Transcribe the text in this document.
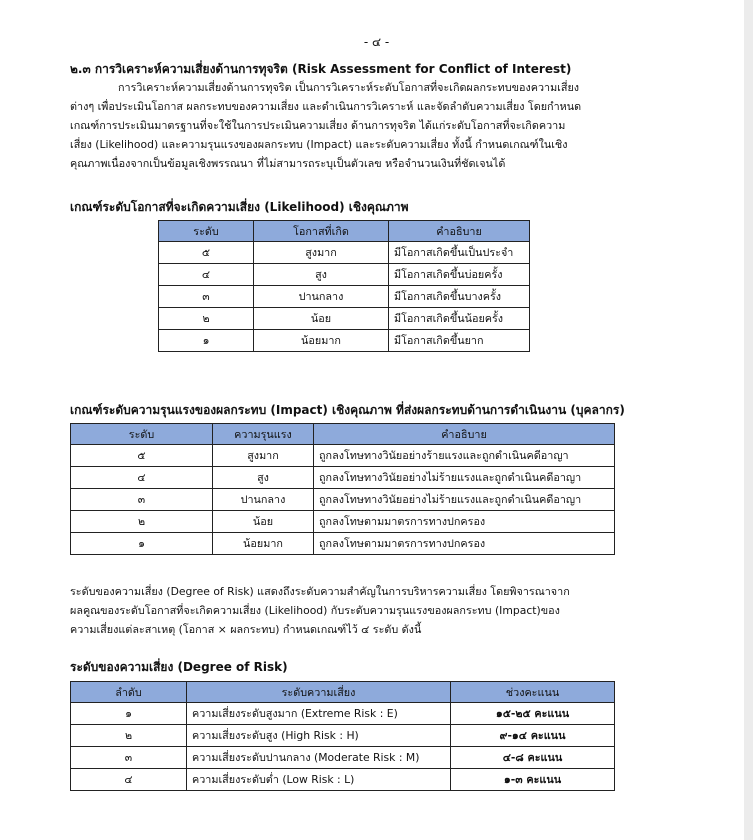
- ๔ -
๒.๓ การวิเคราะห์ความเสี่ยงด้านการทุจริต (Risk Assessment for Conflict of Interest)
การวิเคราะห์ความเสี่ยงด้านการทุจริต เป็นการวิเคราะห์ระดับโอกาสที่จะเกิดผลกระทบของความเสี่ยง
ต่างๆ เพื่อประเมินโอกาส ผลกระทบของความเสี่ยง และดำเนินการวิเคราะห์ และจัดลำดับความเสี่ยง โดยกำหนด
เกณฑ์การประเมินมาตรฐานที่จะใช้ในการประเมินความเสี่ยง ด้านการทุจริต ได้แก่ระดับโอกาสที่จะเกิดความ
เสี่ยง (Likelihood) และความรุนแรงของผลกระทบ (Impact) และระดับความเสี่ยง ทั้งนี้ กำหนดเกณฑ์ในเชิง
คุณภาพเนื่องจากเป็นข้อมูลเชิงพรรณนา ที่ไม่สามารถระบุเป็นตัวเลข หรือจำนวนเงินที่ชัดเจนได้
เกณฑ์ระดับโอกาสที่จะเกิดความเสี่ยง (Likelihood) เชิงคุณภาพ
ระดับ	โอกาสที่เกิด	คำอธิบาย
๕	สูงมาก	มีโอกาสเกิดขึ้นเป็นประจำ
๔	สูง	มีโอกาสเกิดขึ้นบ่อยครั้ง
๓	ปานกลาง	มีโอกาสเกิดขึ้นบางครั้ง
๒	น้อย	มีโอกาสเกิดขึ้นน้อยครั้ง
๑	น้อยมาก	มีโอกาสเกิดขึ้นยาก
เกณฑ์ระดับความรุนแรงของผลกระทบ (Impact) เชิงคุณภาพ ที่ส่งผลกระทบด้านการดำเนินงาน (บุคลากร)
ระดับ	ความรุนแรง	คำอธิบาย
๕	สูงมาก	ถูกลงโทษทางวินัยอย่างร้ายแรงและถูกดำเนินคดีอาญา
๔	สูง	ถูกลงโทษทางวินัยอย่างไม่ร้ายแรงและถูกดำเนินคดีอาญา
๓	ปานกลาง	ถูกลงโทษทางวินัยอย่างไม่ร้ายแรงและถูกดำเนินคดีอาญา
๒	น้อย	ถูกลงโทษตามมาตรการทางปกครอง
๑	น้อยมาก	ถูกลงโทษตามมาตรการทางปกครอง
ระดับของความเสี่ยง (Degree of Risk) แสดงถึงระดับความสำคัญในการบริหารความเสี่ยง โดยพิจารณาจาก
ผลคูณของระดับโอกาสที่จะเกิดความเสี่ยง (Likelihood) กับระดับความรุนแรงของผลกระทบ (Impact)ของ
ความเสี่ยงแต่ละสาเหตุ (โอกาส × ผลกระทบ) กำหนดเกณฑ์ไว้ ๔ ระดับ ดังนี้
ระดับของความเสี่ยง (Degree of Risk)
ลำดับ	ระดับความเสี่ยง	ช่วงคะแนน
๑	ความเสี่ยงระดับสูงมาก (Extreme Risk : E)	๑๕-๒๕ คะแนน
๒	ความเสี่ยงระดับสูง (High Risk : H)	๙-๑๔ คะแนน
๓	ความเสี่ยงระดับปานกลาง (Moderate Risk : M)	๔-๘ คะแนน
๔	ความเสี่ยงระดับต่ำ (Low Risk : L)	๑-๓ คะแนน
